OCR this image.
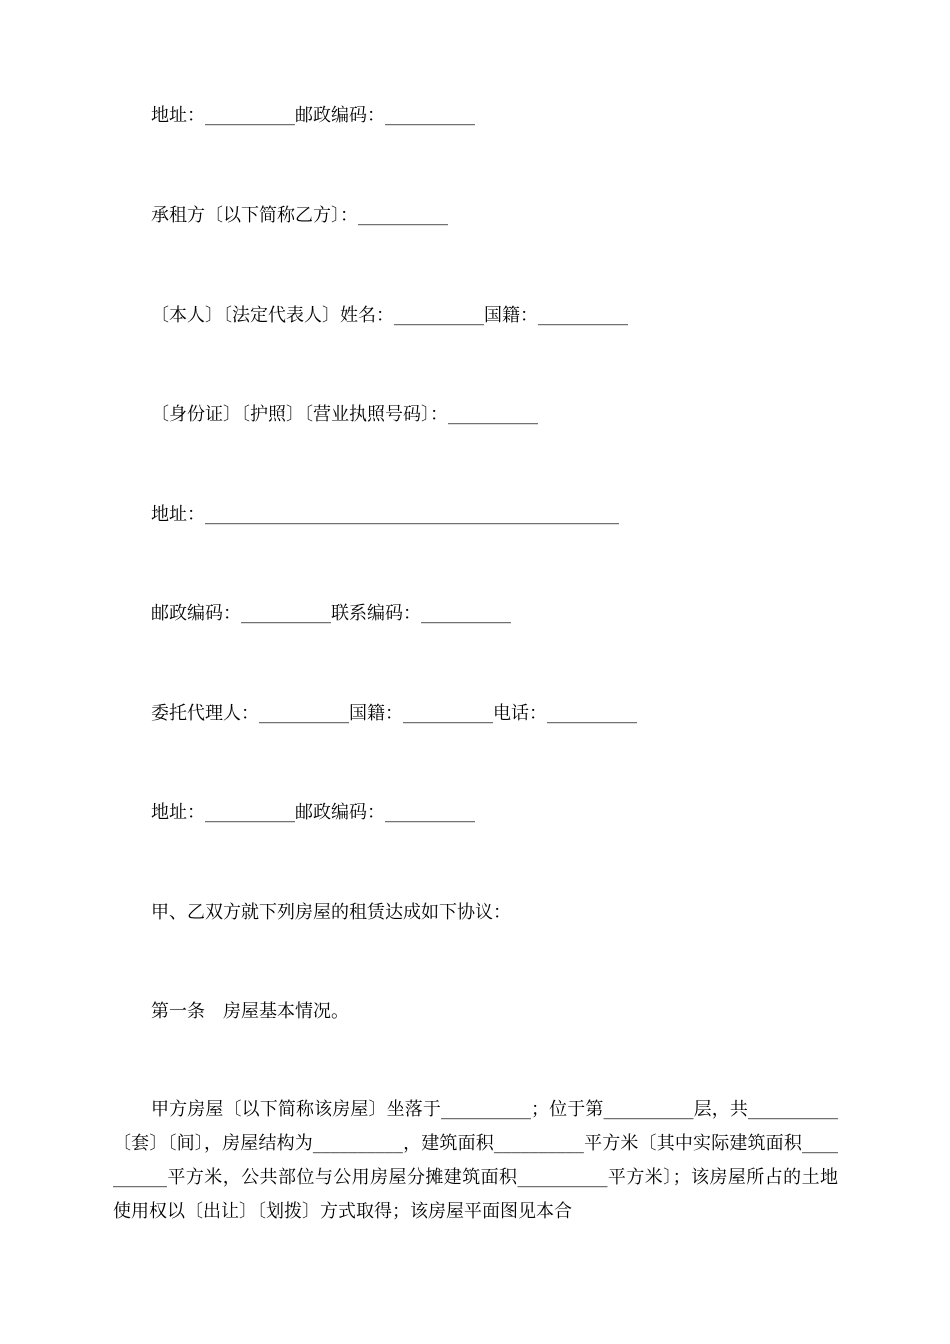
地址：__________邮政编码：__________

承租方〔以下简称乙方〕：__________

〔本人〕〔法定代表人〕姓名：__________国籍：__________

〔身份证〕〔护照〕〔营业执照号码〕：__________

地址：______________________________________________

邮政编码：__________联系编码：__________

委托代理人：__________国籍：__________电话：__________

地址：__________邮政编码：__________

甲、乙双方就下列房屋的租赁达成如下协议：

第一条　房屋基本情况。

甲方房屋〔以下简称该房屋〕坐落于__________；位于第__________层，共__________〔套〕〔间〕，房屋结构为__________，建筑面积__________平方米〔其中实际建筑面积__________平方米，公共部位与公用房屋分摊建筑面积__________平方米〕；该房屋所占的土地使用权以〔出让〕〔划拨〕方式取得；该房屋平面图见本合
